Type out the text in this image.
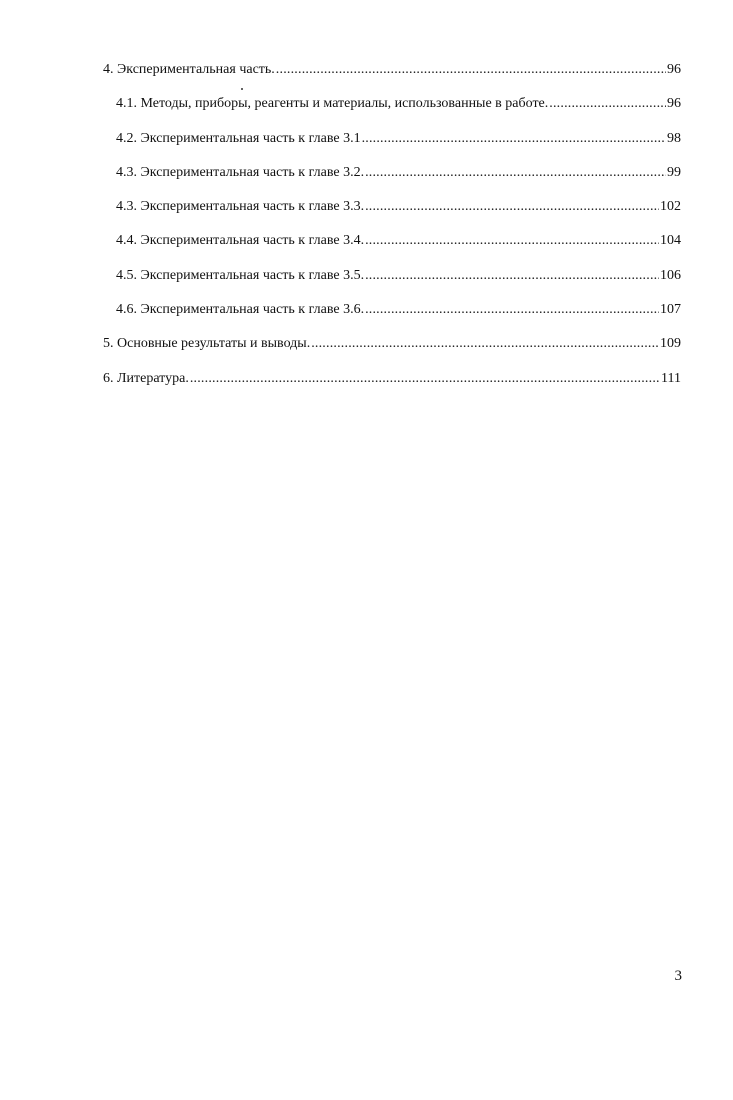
4. Экспериментальная часть. .....	96
4.1. Методы, приборы, реагенты и материалы, использованные в работе. .....	96
4.2. Экспериментальная часть к главе 3.1 .....	98
4.3. Экспериментальная часть к главе 3.2. .....	99
4.3. Экспериментальная часть к главе 3.3. .....	102
4.4. Экспериментальная часть к главе 3.4. .....	104
4.5. Экспериментальная часть к главе 3.5. .....	106
4.6. Экспериментальная часть к главе 3.6. .....	107
5. Основные результаты и выводы. .....	109
6. Литература. .....	111
3
